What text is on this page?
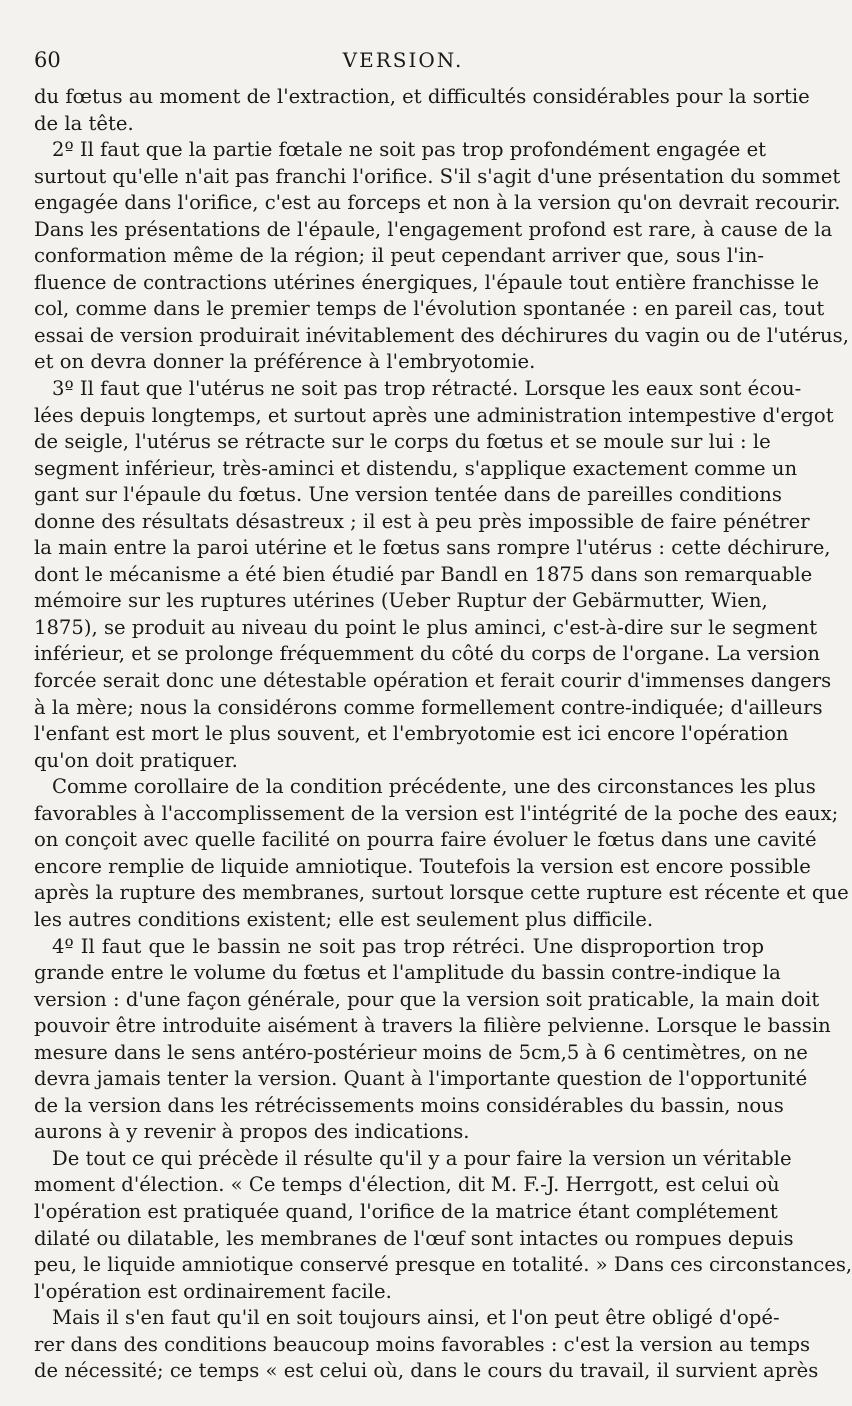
60	VERSION.
du fœtus au moment de l'extraction, et difficultés considérables pour la sortie
de la tête.
2º Il faut que la partie fœtale ne soit pas trop profondément engagée et
surtout qu'elle n'ait pas franchi l'orifice. S'il s'agit d'une présentation du sommet
engagée dans l'orifice, c'est au forceps et non à la version qu'on devrait recourir.
Dans les présentations de l'épaule, l'engagement profond est rare, à cause de la
conformation même de la région; il peut cependant arriver que, sous l'in-
fluence de contractions utérines énergiques, l'épaule tout entière franchisse le
col, comme dans le premier temps de l'évolution spontanée : en pareil cas, tout
essai de version produirait inévitablement des déchirures du vagin ou de l'utérus,
et on devra donner la préférence à l'embryotomie.
3º Il faut que l'utérus ne soit pas trop rétracté. Lorsque les eaux sont écou-
lées depuis longtemps, et surtout après une administration intempestive d'ergot
de seigle, l'utérus se rétracte sur le corps du fœtus et se moule sur lui : le
segment inférieur, très-aminci et distendu, s'applique exactement comme un
gant sur l'épaule du fœtus. Une version tentée dans de pareilles conditions
donne des résultats désastreux ; il est à peu près impossible de faire pénétrer
la main entre la paroi utérine et le fœtus sans rompre l'utérus : cette déchirure,
dont le mécanisme a été bien étudié par Bandl en 1875 dans son remarquable
mémoire sur les ruptures utérines (Ueber Ruptur der Gebärmutter, Wien,
1875), se produit au niveau du point le plus aminci, c'est-à-dire sur le segment
inférieur, et se prolonge fréquemment du côté du corps de l'organe. La version
forcée serait donc une détestable opération et ferait courir d'immenses dangers
à la mère; nous la considérons comme formellement contre-indiquée; d'ailleurs
l'enfant est mort le plus souvent, et l'embryotomie est ici encore l'opération
qu'on doit pratiquer.
Comme corollaire de la condition précédente, une des circonstances les plus
favorables à l'accomplissement de la version est l'intégrité de la poche des eaux;
on conçoit avec quelle facilité on pourra faire évoluer le fœtus dans une cavité
encore remplie de liquide amniotique. Toutefois la version est encore possible
après la rupture des membranes, surtout lorsque cette rupture est récente et que
les autres conditions existent; elle est seulement plus difficile.
4º Il faut que le bassin ne soit pas trop rétréci. Une disproportion trop
grande entre le volume du fœtus et l'amplitude du bassin contre-indique la
version : d'une façon générale, pour que la version soit praticable, la main doit
pouvoir être introduite aisément à travers la filière pelvienne. Lorsque le bassin
mesure dans le sens antéro-postérieur moins de 5cm,5 à 6 centimètres, on ne
devra jamais tenter la version. Quant à l'importante question de l'opportunité
de la version dans les rétrécissements moins considérables du bassin, nous
aurons à y revenir à propos des indications.
De tout ce qui précède il résulte qu'il y a pour faire la version un véritable
moment d'élection. « Ce temps d'élection, dit M. F.-J. Herrgott, est celui où
l'opération est pratiquée quand, l'orifice de la matrice étant complétement
dilaté ou dilatable, les membranes de l'œuf sont intactes ou rompues depuis
peu, le liquide amniotique conservé presque en totalité. » Dans ces circonstances,
l'opération est ordinairement facile.
Mais il s'en faut qu'il en soit toujours ainsi, et l'on peut être obligé d'opé-
rer dans des conditions beaucoup moins favorables : c'est la version au temps
de nécessité; ce temps « est celui où, dans le cours du travail, il survient après
